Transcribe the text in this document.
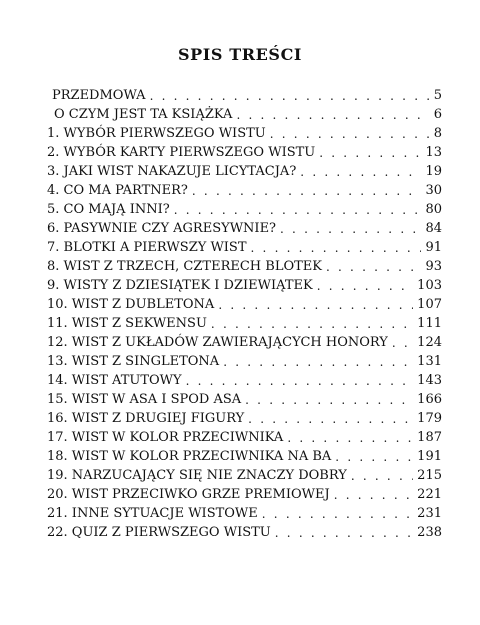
SPIS TREŚCI
PRZEDMOWA . . .	5
O CZYM JEST TA KSIĄŻKA . . .	6
1. WYBÓR PIERWSZEGO WISTU . . .	8
2. WYBÓR KARTY PIERWSZEGO WISTU . . .	13
3. JAKI WIST NAKAZUJE LICYTACJA? . . .	19
4. CO MA PARTNER? . . .	30
5. CO MAJĄ INNI? . . .	80
6. PASYWNIE CZY AGRESYWNIE? . . .	84
7. BLOTKI A PIERWSZY WIST . . .	91
8. WIST Z TRZECH, CZTERECH BLOTEK . . .	93
9. WISTY Z DZIESIĄTEK I DZIEWIĄTEK . . .	103
10. WIST Z DUBLETONA . . .	107
11. WIST Z SEKWENSU . . .	111
12. WIST Z UKŁADÓW ZAWIERAJĄCYCH HONORY . . . 124
13. WIST Z SINGLETONA . . .	131
14. WIST ATUTOWY . . .	143
15. WIST W ASA I SPOD ASA . . .	166
16. WIST Z DRUGIEJ FIGURY . . .	179
17. WIST W KOLOR PRZECIWNIKA . . .	187
18. WIST W KOLOR PRZECIWNIKA NA BA . . .	191
19. NARZUCAJĄCY SIĘ NIE ZNACZY DOBRY . . .	215
20. WIST PRZECIWKO GRZE PREMIOWEJ . . .	221
21. INNE SYTUACJE WISTOWE . . .	231
22. QUIZ Z PIERWSZEGO WISTU . . .	238
